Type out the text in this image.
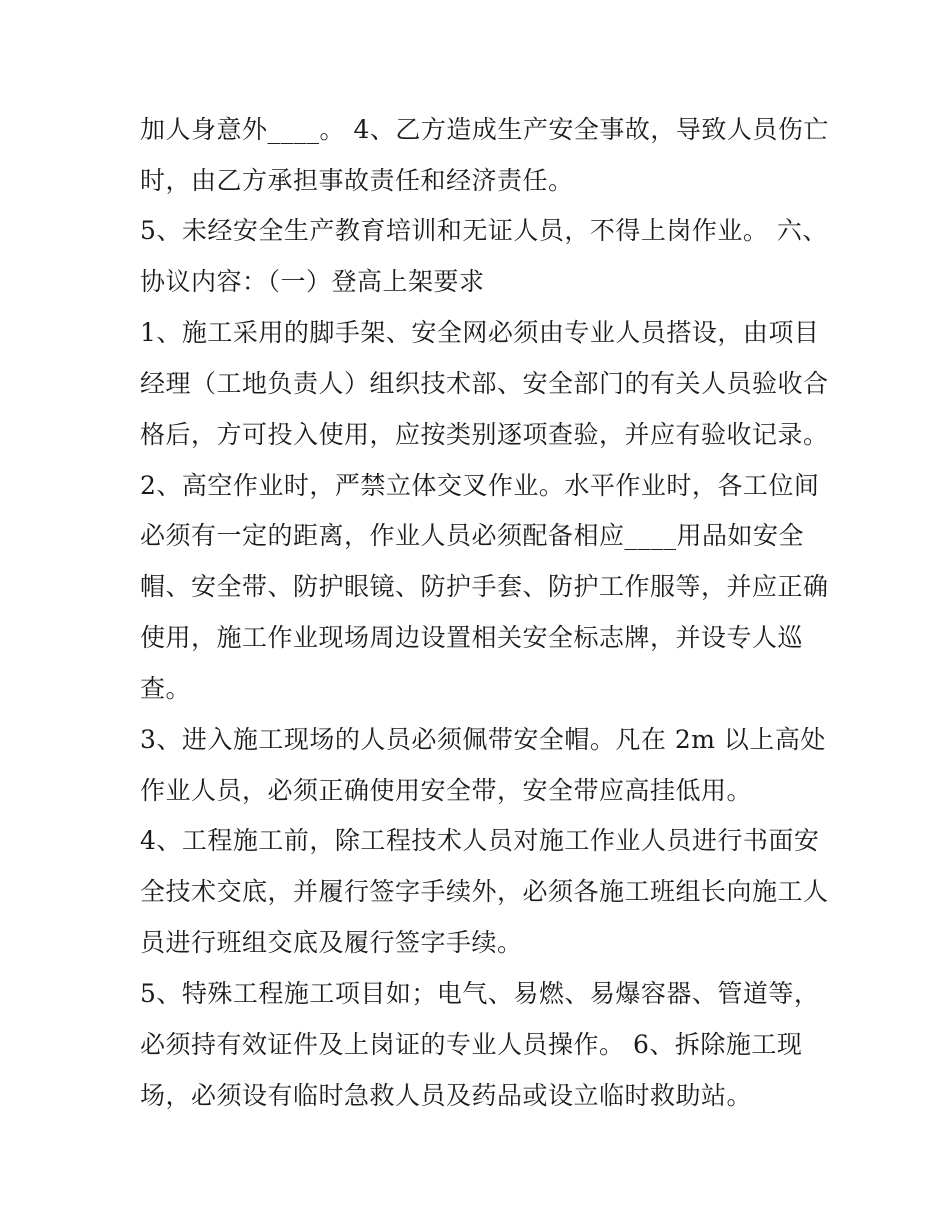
加人身意外____。 4、乙方造成生产安全事故，导致人员伤亡

时，由乙方承担事故责任和经济责任。

5、未经安全生产教育培训和无证人员，不得上岗作业。 六、

协议内容：（一）登高上架要求

1、施工采用的脚手架、安全网必须由专业人员搭设，由项目

经理（工地负责人）组织技术部、安全部门的有关人员验收合

格后，方可投入使用，应按类别逐项查验，并应有验收记录。

2、高空作业时，严禁立体交叉作业。水平作业时，各工位间

必须有一定的距离，作业人员必须配备相应____用品如安全

帽、安全带、防护眼镜、防护手套、防护工作服等，并应正确

使用，施工作业现场周边设置相关安全标志牌，并设专人巡

查。

3、进入施工现场的人员必须佩带安全帽。凡在 2m 以上高处

作业人员，必须正确使用安全带，安全带应高挂低用。

4、工程施工前，除工程技术人员对施工作业人员进行书面安

全技术交底，并履行签字手续外，必须各施工班组长向施工人

员进行班组交底及履行签字手续。

5、特殊工程施工项目如；电气、易燃、易爆容器、管道等，

必须持有效证件及上岗证的专业人员操作。 6、拆除施工现

场，必须设有临时急救人员及药品或设立临时救助站。
